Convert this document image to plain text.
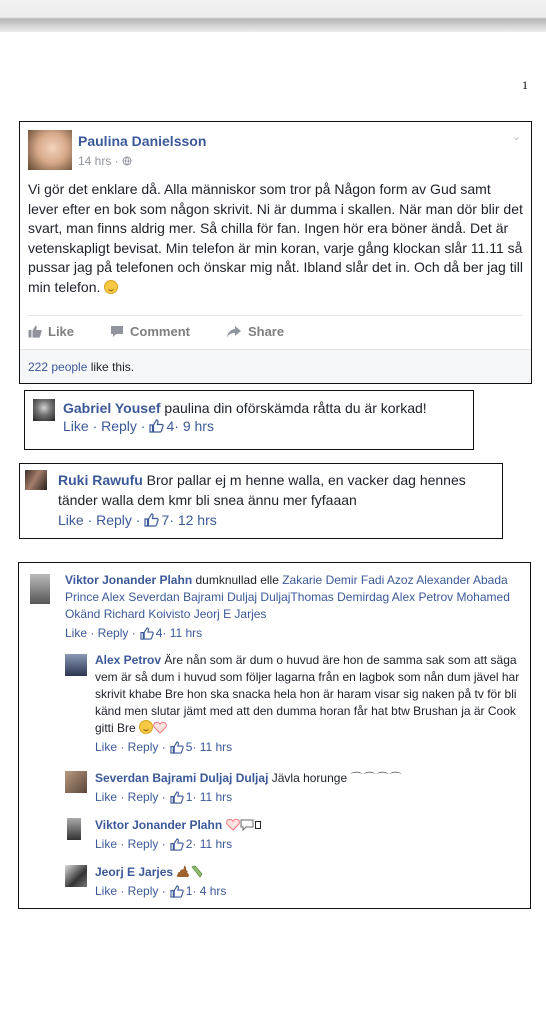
1
Paulina Danielsson
14 hrs ·
⌄
Vi gör det enklare då. Alla människor som tror på Någon form av Gud samt lever efter en bok som någon skrivit. Ni är dumma i skallen. När man dör blir det svart, man finns aldrig mer. Så chilla för fan. Ingen hör era böner ändå. Det är vetenskapligt bevisat. Min telefon är min koran, varje gång klockan slår 11.11 så pussar jag på telefonen och önskar mig nåt. Ibland slår det in. Och då ber jag till min telefon.
Like	Comment	Share
222 people like this.
Gabriel Yousef paulina din oförskämda råtta du är korkad!
Like · Reply · 4 · 9 hrs
Ruki Rawufu Bror pallar ej m henne walla, en vacker dag hennes tänder walla dem kmr bli snea ännu mer fyfaaan
Like · Reply · 7 · 12 hrs
Viktor Jonander Plahn dumknullad elle Zakarie Demir Fadi Azoz Alexander Abada Prince Alex Severdan Bajrami Duljaj DuljajThomas Demirdag Alex Petrov Mohamed Okänd Richard Koivisto Jeorj E Jarjes
Like · Reply · 4 · 11 hrs
Alex Petrov Äre nån som är dum o huvud äre hon de samma sak som att säga vem är så dum i huvud som följer lagarna från en lagbok som nån dum jävel har skrivit khabe Bre hon ska snacka hela hon är haram visar sig naken på tv för bli känd men slutar jämt med att den dumma horan får hat btw Brushan ja är Cook gitti Bre
Like · Reply · 5 · 11 hrs
Severdan Bajrami Duljaj Duljaj Jävla horunge ⌒⌒⌒⌒
Like · Reply · 1 · 11 hrs
Viktor Jonander Plahn
Like · Reply · 2 · 11 hrs
Jeorj E Jarjes
Like · Reply · 1 · 4 hrs
